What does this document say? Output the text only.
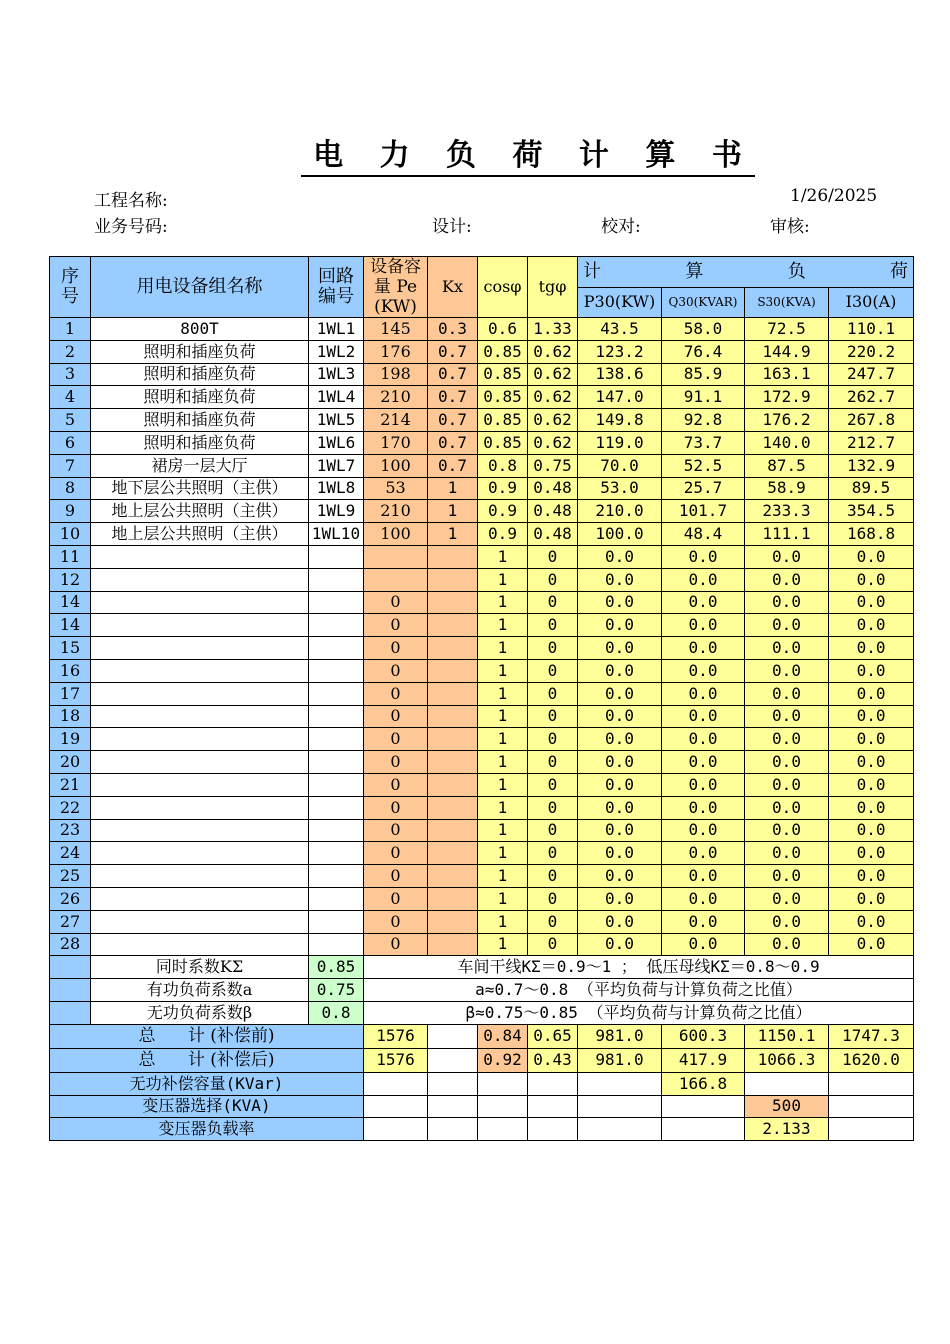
电 力 负 荷 计 算 书
工程名称:	1/26/2025
业务号码:	设计:	校对:	审核:
序号	用电设备组名称	回路编号	设备容量 Pe (KW)	Kx	cosφ	tgφ	计 算 负 荷			
							P30(KW)	Q30(KVAR)	S30(KVA)	I30(A)
1	800T	1WL1	145	0.3	0.6	1.33	43.5	58.0	72.5	110.1
2	照明和插座负荷	1WL2	176	0.7	0.85	0.62	123.2	76.4	144.9	220.2
3	照明和插座负荷	1WL3	198	0.7	0.85	0.62	138.6	85.9	163.1	247.7
4	照明和插座负荷	1WL4	210	0.7	0.85	0.62	147.0	91.1	172.9	262.7
5	照明和插座负荷	1WL5	214	0.7	0.85	0.62	149.8	92.8	176.2	267.8
6	照明和插座负荷	1WL6	170	0.7	0.85	0.62	119.0	73.7	140.0	212.7
7	裙房一层大厅	1WL7	100	0.7	0.8	0.75	70.0	52.5	87.5	132.9
8	地下层公共照明（主供）	1WL8	53	1	0.9	0.48	53.0	25.7	58.9	89.5
9	地上层公共照明（主供）	1WL9	210	1	0.9	0.48	210.0	101.7	233.3	354.5
10	地上层公共照明（主供）	1WL10	100	1	0.9	0.48	100.0	48.4	111.1	168.8
11					1	0	0.0	0.0	0.0	0.0
12					1	0	0.0	0.0	0.0	0.0
14			0		1	0	0.0	0.0	0.0	0.0
14			0		1	0	0.0	0.0	0.0	0.0
15			0		1	0	0.0	0.0	0.0	0.0
16			0		1	0	0.0	0.0	0.0	0.0
17			0		1	0	0.0	0.0	0.0	0.0
18			0		1	0	0.0	0.0	0.0	0.0
19			0		1	0	0.0	0.0	0.0	0.0
20			0		1	0	0.0	0.0	0.0	0.0
21			0		1	0	0.0	0.0	0.0	0.0
22			0		1	0	0.0	0.0	0.0	0.0
23			0		1	0	0.0	0.0	0.0	0.0
24			0		1	0	0.0	0.0	0.0	0.0
25			0		1	0	0.0	0.0	0.0	0.0
26			0		1	0	0.0	0.0	0.0	0.0
27			0		1	0	0.0	0.0	0.0	0.0
28			0		1	0	0.0	0.0	0.0	0.0
	同时系数KΣ	0.85	车间干线KΣ＝0.9～1 ； 低压母线KΣ＝0.8～0.9							
	有功负荷系数a	0.75	a≈0.7～0.8 （平均负荷与计算负荷之比值）							
	无功负荷系数β	0.8	β≈0.75～0.85 （平均负荷与计算负荷之比值）							
总      计 (补偿前)			1576		0.84	0.65	981.0	600.3	1150.1	1747.3
总      计 (补偿后)			1576		0.92	0.43	981.0	417.9	1066.3	1620.0
无功补偿容量(KVar)								166.8		
变压器选择(KVA)									500	
变压器负载率									2.133	
